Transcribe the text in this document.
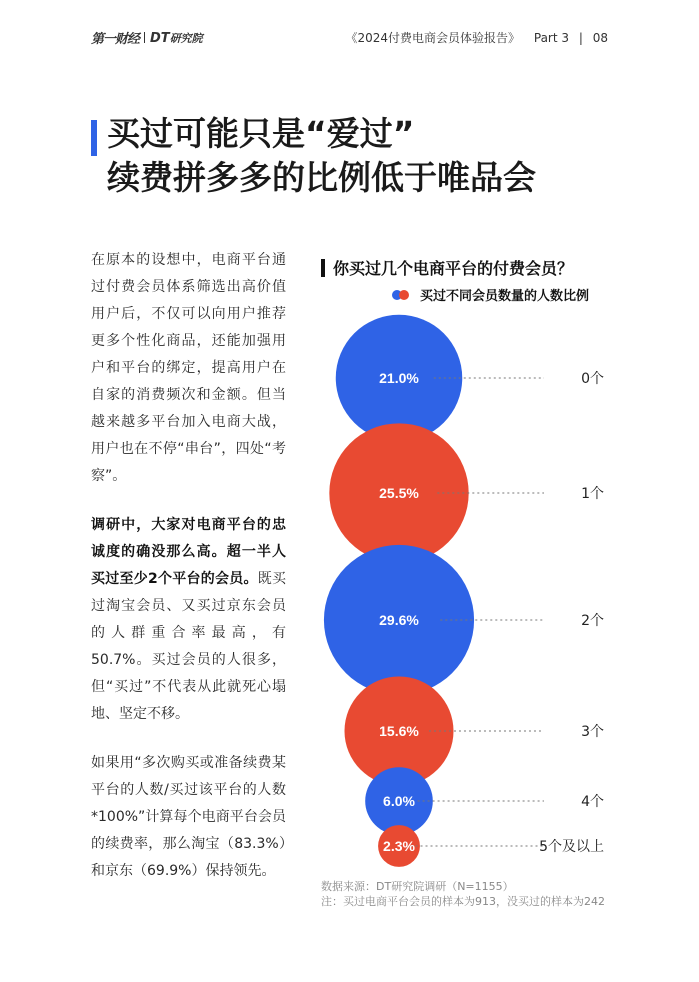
第一财经 DT研究院	《2024付费电商会员体验报告》 Part 3 | 08
买过可能只是“爱过”
续费拼多多的比例低于唯品会

在原本的设想中，电商平台通过付费会员体系筛选出高价值用户后，不仅可以向用户推荐更多个性化商品，还能加强用户和平台的绑定，提高用户在自家的消费频次和金额。但当越来越多平台加入电商大战，用户也在不停“串台”，四处“考察”。

调研中，大家对电商平台的忠诚度的确没那么高。超一半人买过至少2个平台的会员。既买过淘宝会员、又买过京东会员的人群重合率最高，有50.7%。买过会员的人很多，但“买过”不代表从此就死心塌地、坚定不移。

如果用“多次购买或准备续费某平台的人数/买过该平台的人数*100%”计算每个电商平台会员的续费率，那么淘宝（83.3%）和京东（69.9%）保持领先。

你买过几个电商平台的付费会员？
买过不同会员数量的人数比例
21.0%	0个
25.5%	1个
29.6%	2个
15.6%	3个
6.0%	4个
2.3%	5个及以上
数据来源：DT研究院调研（N=1155）
注：买过电商平台会员的样本为913，没买过的样本为242
